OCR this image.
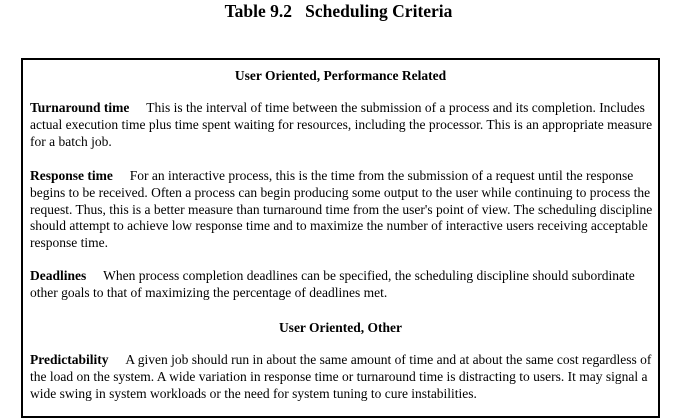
Table 9.2 Scheduling Criteria
User Oriented, Performance Related

Turnaround time This is the interval of time between the submission of a process and its completion. Includes actual execution time plus time spent waiting for resources, including the processor. This is an appropriate measure for a batch job.

Response time For an interactive process, this is the time from the submission of a request until the response begins to be received. Often a process can begin producing some output to the user while continuing to process the request. Thus, this is a better measure than turnaround time from the user's point of view. The scheduling discipline should attempt to achieve low response time and to maximize the number of interactive users receiving acceptable response time.

Deadlines When process completion deadlines can be specified, the scheduling discipline should subordinate other goals to that of maximizing the percentage of deadlines met.

User Oriented, Other

Predictability A given job should run in about the same amount of time and at about the same cost regardless of the load on the system. A wide variation in response time or turnaround time is distracting to users. It may signal a wide swing in system workloads or the need for system tuning to cure instabilities.
